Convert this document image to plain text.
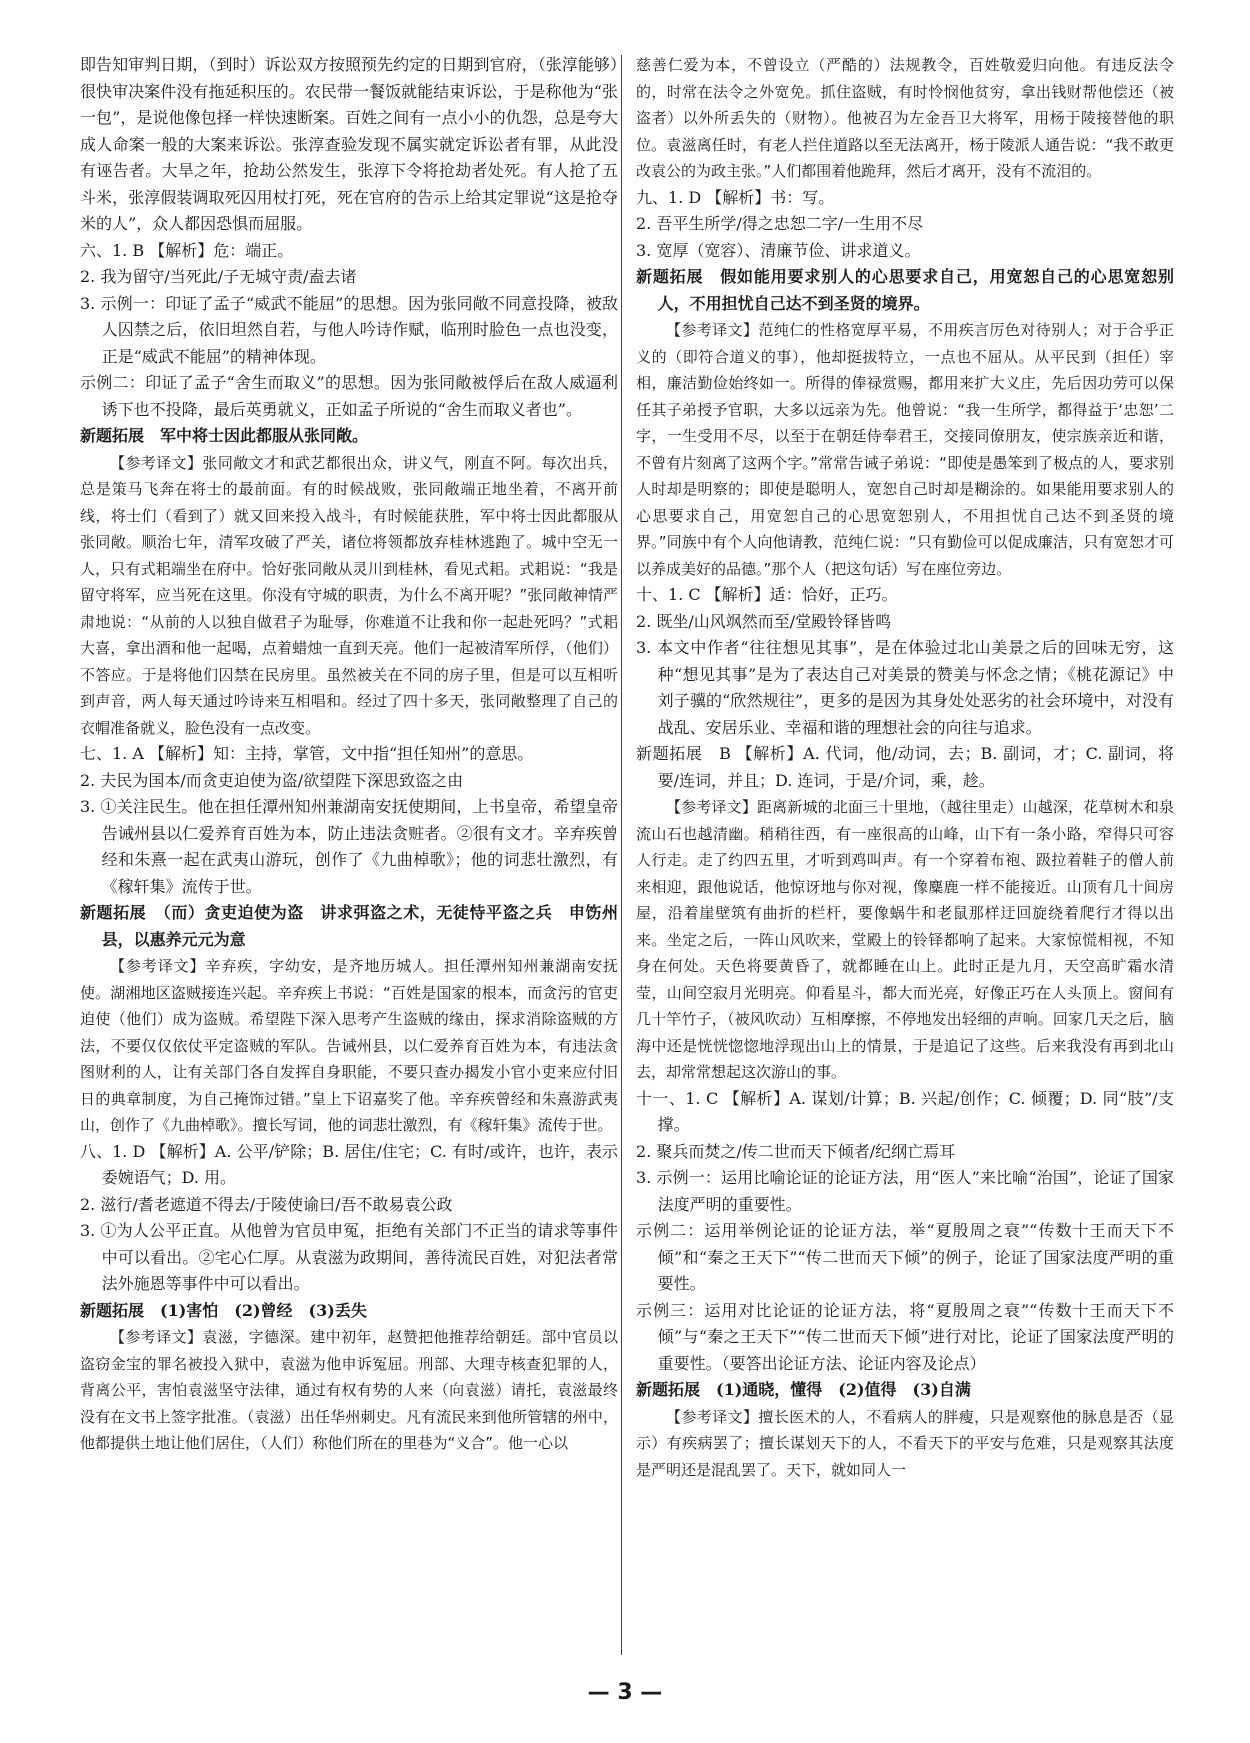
即告知审判日期，（到时）诉讼双方按照预先约定的日期到官府，（张淳能够）很快审决案件没有拖延积压的。农民带一餐饭就能结束诉讼，于是称他为“张一包”，是说他像包择一样快速断案。百姓之间有一点小小的仇怨，总是夸大成人命案一般的大案来诉讼。张淳查验发现不属实就定诉讼者有罪，从此没有诬告者。大旱之年，抢劫公然发生，张淳下令将抢劫者处死。有人抢了五斗米，张淳假装调取死囚用杖打死，死在官府的告示上给其定罪说“这是抢夺米的人”，众人都因恐惧而屈服。

六、1. B 【解析】危：端正。

2. 我为留守/当死此/子无城守责/盍去诸

3. 示例一：印证了孟子“威武不能屈”的思想。因为张同敞不同意投降，被敌人囚禁之后，依旧坦然自若，与他人吟诗作赋，临刑时脸色一点也没变，正是“威武不能屈”的精神体现。

示例二：印证了孟子“舍生而取义”的思想。因为张同敞被俘后在敌人威逼利诱下也不投降，最后英勇就义，正如孟子所说的“舍生而取义者也”。

新题拓展　军中将士因此都服从张同敞。

【参考译文】张同敞文才和武艺都很出众，讲义气，刚直不阿。每次出兵，总是策马飞奔在将士的最前面。有的时候战败，张同敞端正地坐着，不离开前线，将士们（看到了）就又回来投入战斗，有时候能获胜，军中将士因此都服从张同敞。顺治七年，清军攻破了严关，诸位将领都放弃桂林逃跑了。城中空无一人，只有式耜端坐在府中。恰好张同敞从灵川到桂林，看见式耜。式耜说：“我是留守将军，应当死在这里。你没有守城的职责，为什么不离开呢？”张同敞神情严肃地说：“从前的人以独自做君子为耻辱，你难道不让我和你一起赴死吗？”式耜大喜，拿出酒和他一起喝，点着蜡烛一直到天亮。他们一起被清军所俘，（他们）不答应。于是将他们囚禁在民房里。虽然被关在不同的房子里，但是可以互相听到声音，两人每天通过吟诗来互相唱和。经过了四十多天，张同敞整理了自己的衣帽准备就义，脸色没有一点改变。

七、1. A 【解析】知：主持，掌管，文中指“担任知州”的意思。

2. 夫民为国本/而贪吏迫使为盗/欲望陛下深思致盗之由

3. ①关注民生。他在担任潭州知州兼湖南安抚使期间，上书皇帝，希望皇帝告诫州县以仁爱养育百姓为本，防止违法贪赃者。②很有文才。辛弃疾曾经和朱熹一起在武夷山游玩，创作了《九曲棹歌》；他的词悲壮激烈，有《稼轩集》流传于世。

新题拓展　（而）贪吏迫使为盗　讲求弭盗之术，无徒恃平盗之兵　申饬州县，以惠养元元为意

【参考译文】辛弃疾，字幼安，是齐地历城人。担任潭州知州兼湖南安抚使。湖湘地区盗贼接连兴起。辛弃疾上书说：“百姓是国家的根本，而贪污的官吏迫使（他们）成为盗贼。希望陛下深入思考产生盗贼的缘由，探求消除盗贼的方法，不要仅仅依仗平定盗贼的军队。告诫州县，以仁爱养育百姓为本，有违法贪图财利的人，让有关部门各自发挥自身职能，不要只查办揭发小官小吏来应付旧日的典章制度，为自己掩饰过错。”皇上下诏嘉奖了他。辛弃疾曾经和朱熹游武夷山，创作了《九曲棹歌》。擅长写词，他的词悲壮激烈，有《稼轩集》流传于世。

八、1. D 【解析】A. 公平/铲除；B. 居住/住宅；C. 有时/或许，也许，表示委婉语气；D. 用。

2. 滋行/耆老遮道不得去/于陵使谕曰/吾不敢易袁公政

3. ①为人公平正直。从他曾为官员申冤，拒绝有关部门不正当的请求等事件中可以看出。②宅心仁厚。从袁滋为政期间，善待流民百姓，对犯法者常法外施恩等事件中可以看出。

新题拓展　(1)害怕　(2)曾经　(3)丢失

【参考译文】袁滋，字德深。建中初年，赵赞把他推荐给朝廷。部中官员以盗窃金宝的罪名被投入狱中，袁滋为他申诉冤屈。刑部、大理寺核查犯罪的人，背离公平，害怕袁滋坚守法律，通过有权有势的人来（向袁滋）请托，袁滋最终没有在文书上签字批准。（袁滋）出任华州刺史。凡有流民来到他所管辖的州中，他都提供土地让他们居住，（人们）称他们所在的里巷为“义合”。他一心以

慈善仁爱为本，不曾设立（严酷的）法规教令，百姓敬爱归向他。有违反法令的，时常在法令之外宽免。抓住盗贼，有时怜悯他贫穷，拿出钱财帮他偿还（被盗者）以外所丢失的（财物）。他被召为左金吾卫大将军，用杨于陵接替他的职位。袁滋离任时，有老人拦住道路以至无法离开，杨于陵派人通告说：“我不敢更改袁公的为政主张。”人们都围着他跪拜，然后才离开，没有不流泪的。

九、1. D 【解析】书：写。

2. 吾平生所学/得之忠恕二字/一生用不尽

3. 宽厚（宽容）、清廉节俭、讲求道义。

新题拓展　假如能用要求别人的心思要求自己，用宽恕自己的心思宽恕别人，不用担忧自己达不到圣贤的境界。

【参考译文】范纯仁的性格宽厚平易，不用疾言厉色对待别人；对于合乎正义的（即符合道义的事），他却挺拔特立，一点也不屈从。从平民到（担任）宰相，廉洁勤俭始终如一。所得的俸禄赏赐，都用来扩大义庄，先后因功劳可以保任其子弟授予官职，大多以远亲为先。他曾说：“我一生所学，都得益于‘忠恕’二字，一生受用不尽，以至于在朝廷侍奉君王，交接同僚朋友，使宗族亲近和谐，不曾有片刻离了这两个字。”常常告诫子弟说：“即使是愚笨到了极点的人，要求别人时却是明察的；即使是聪明人，宽恕自己时却是糊涂的。如果能用要求别人的心思要求自己，用宽恕自己的心思宽恕别人，不用担忧自己达不到圣贤的境界。”同族中有个人向他请教，范纯仁说：“只有勤俭可以促成廉洁，只有宽恕才可以养成美好的品德。”那个人（把这句话）写在座位旁边。

十、1. C 【解析】适：恰好，正巧。

2. 既坐/山风飒然而至/堂殿铃铎皆鸣

3. 本文中作者“往往想见其事”，是在体验过北山美景之后的回味无穷，这种“想见其事”是为了表达自己对美景的赞美与怀念之情；《桃花源记》中刘子骥的“欣然规往”，更多的是因为其身处处恶劣的社会环境中，对没有战乱、安居乐业、幸福和谐的理想社会的向往与追求。

新题拓展　B 【解析】A. 代词，他/动词，去；B. 副词，才；C. 副词，将要/连词，并且；D. 连词，于是/介词，乘，趁。

【参考译文】距离新城的北面三十里地，（越往里走）山越深，花草树木和泉流山石也越清幽。稍稍往西，有一座很高的山峰，山下有一条小路，窄得只可容人行走。走了约四五里，才听到鸡叫声。有一个穿着布袍、趿拉着鞋子的僧人前来相迎，跟他说话，他惊讶地与你对视，像麋鹿一样不能接近。山顶有几十间房屋，沿着崖壁筑有曲折的栏杆，要像蜗牛和老鼠那样迂回旋绕着爬行才得以出来。坐定之后，一阵山风吹来，堂殿上的铃铎都响了起来。大家惊慌相视，不知身在何处。天色将要黄昏了，就都睡在山上。此时正是九月，天空高旷霜水清莹，山间空寂月光明亮。仰看星斗，都大而光亮，好像正巧在人头顶上。窗间有几十竿竹子，（被风吹动）互相摩擦，不停地发出轻细的声响。回家几天之后，脑海中还是恍恍惚惚地浮现出山上的情景，于是追记了这些。后来我没有再到北山去，却常常想起这次游山的事。

十一、1. C 【解析】A. 谋划/计算；B. 兴起/创作；C. 倾覆；D. 同“肢”/支撑。

2. 聚兵而焚之/传二世而天下倾者/纪纲亡焉耳

3. 示例一：运用比喻论证的论证方法，用“医人”来比喻“治国”，论证了国家法度严明的重要性。

示例二：运用举例论证的论证方法，举“夏殷周之衰”“传数十王而天下不倾”和“秦之王天下”“传二世而天下倾”的例子，论证了国家法度严明的重要性。

示例三：运用对比论证的论证方法，将“夏殷周之衰”“传数十王而天下不倾”与“秦之王天下”“传二世而天下倾”进行对比，论证了国家法度严明的重要性。（要答出论证方法、论证内容及论点）

新题拓展　(1)通晓，懂得　(2)值得　(3)自满

【参考译文】擅长医术的人，不看病人的胖瘦，只是观察他的脉息是否（显示）有疾病罢了；擅长谋划天下的人，不看天下的平安与危难，只是观察其法度是严明还是混乱罢了。天下，就如同人一

— 3 —
